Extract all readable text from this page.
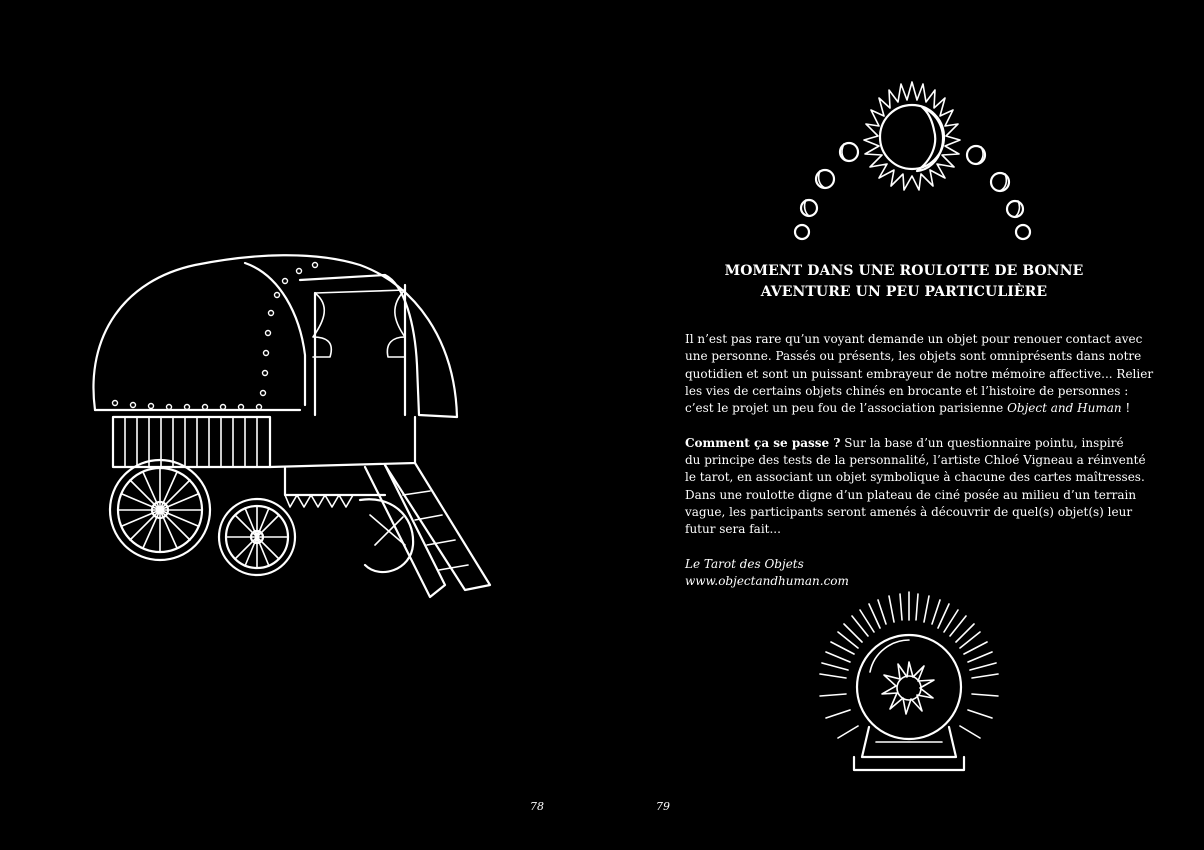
78
MOMENT DANS UNE ROULOTTE DE BONNE
AVENTURE UN PEU PARTICULIÈRE
Il n’est pas rare qu’un voyant demande un objet pour renouer contact avec
une personne. Passés ou présents, les objets sont omniprésents dans notre
quotidien et sont un puissant embrayeur de notre mémoire affective... Relier
les vies de certains objets chinés en brocante et l’histoire de personnes :
c’est le projet un peu fou de l’association parisienne Object and Human !
Comment ça se passe ? Sur la base d’un questionnaire pointu, inspiré
du principe des tests de la personnalité, l’artiste Chloé Vigneau a réinventé
le tarot, en associant un objet symbolique à chacune des cartes maîtresses.
Dans une roulotte digne d’un plateau de ciné posée au milieu d’un terrain
vague, les participants seront amenés à découvrir de quel(s) objet(s) leur
futur sera fait...
Le Tarot des Objets
www.objectandhuman.com
79
